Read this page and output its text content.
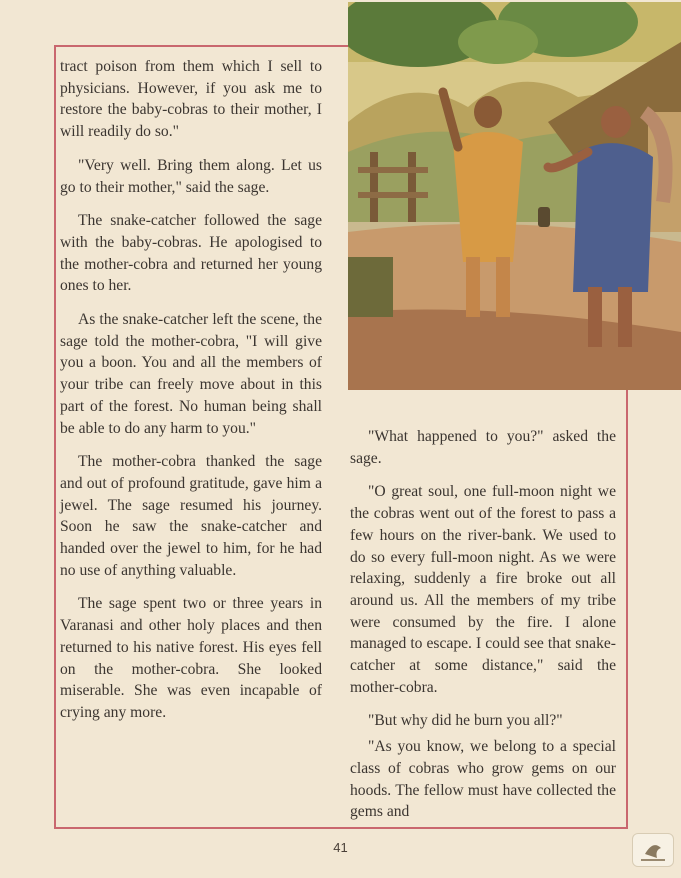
tract poison from them which I sell to physicians. However, if you ask me to restore the baby-cobras to their mother, I will readily do so."

"Very well. Bring them along. Let us go to their mother," said the sage.

The snake-catcher followed the sage with the baby-cobras. He apologised to the mother-cobra and returned her young ones to her.

As the snake-catcher left the scene, the sage told the mother-cobra, "I will give you a boon. You and all the members of your tribe can freely move about in this part of the forest. No human being shall be able to do any harm to you."

The mother-cobra thanked the sage and out of profound gratitude, gave him a jewel. The sage resumed his journey. Soon he saw the snake-catcher and handed over the jewel to him, for he had no use of anything valuable.

The sage spent two or three years in Varanasi and other holy places and then returned to his native forest. His eyes fell on the mother-cobra. She looked miserable. She was even incapable of crying any more.

"What happened to you?" asked the sage.

"O great soul, one full-moon night we the cobras went out of the forest to pass a few hours on the river-bank. We used to do so every full-moon night. As we were relaxing, suddenly a fire broke out all around us. All the members of my tribe were consumed by the fire. I alone managed to escape. I could see that snake-catcher at some distance," said the mother-cobra.

"But why did he burn you all?"

"As you know, we belong to a special class of cobras who grow gems on our hoods. The fellow must have collected the gems and

41
